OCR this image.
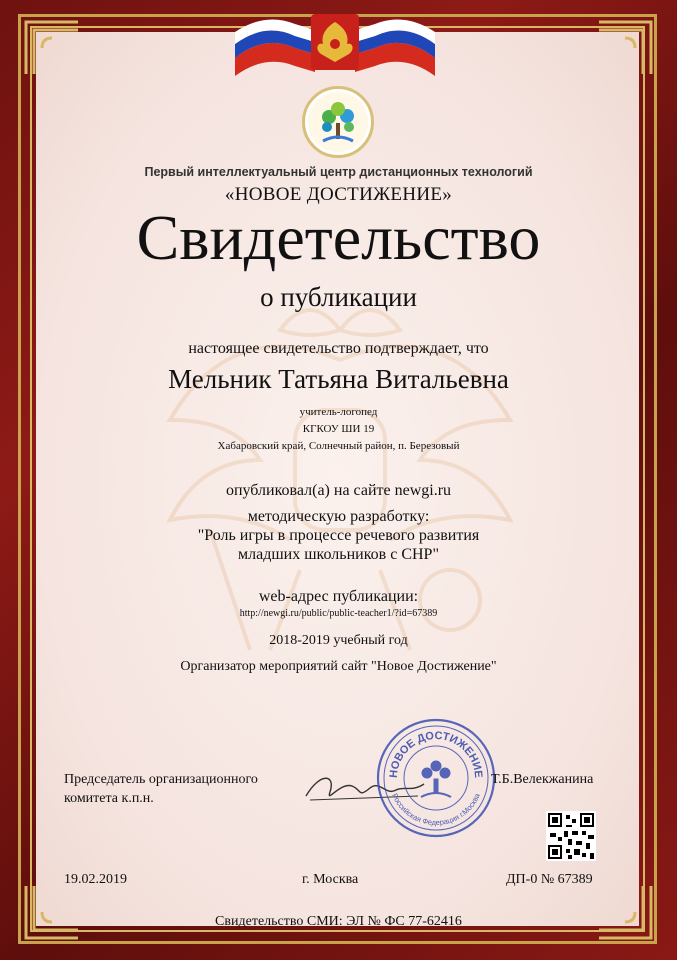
Первый интеллектуальный центр дистанционных технологий
«НОВОЕ ДОСТИЖЕНИЕ»
Свидетельство
о публикации
настоящее свидетельство подтверждает, что
Мельник Татьяна Витальевна
учитель-логопед
КГКОУ ШИ 19
Хабаровский край, Солнечный район, п. Березовый
опубликовал(а) на сайте newgi.ru
методическую разработку:
"Роль игры в процессе речевого развития
младших школьников с СНР"
web-адрес публикации:
http://newgi.ru/public/public-teacher1/?id=67389
2018-2019 учебный год
Организатор мероприятий сайт "Новое Достижение"
Председатель организационного
комитета к.п.н.
НОВОЕ ДОСТИЖЕНИЕ
Российская Федерация г.Москва
Т.Б.Велекжанина
19.02.2019	г. Москва	ДП-0 № 67389
Свидетельство СМИ: ЭЛ № ФС 77-62416
